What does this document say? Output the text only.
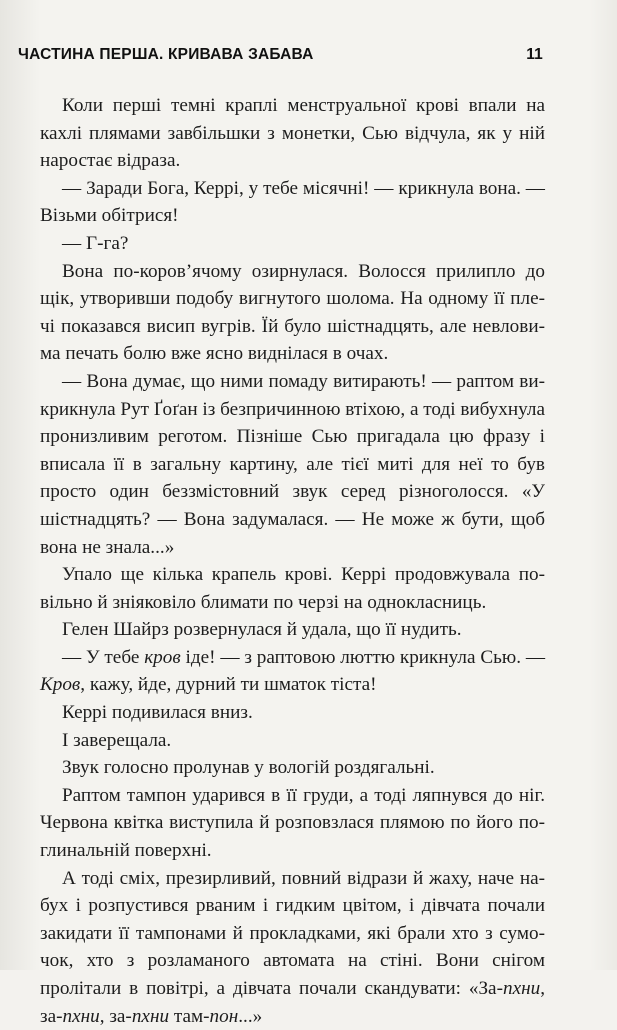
ЧАСТИНА ПЕРША. КРИВАВА ЗАБАВА	11

Коли перші темні краплі менструальної крові впали на кахлі плямами завбільшки з монетки, Сью відчула, як у ній наростає відраза.

— Заради Бога, Керрі, у тебе місячні! — крикнула вона. — Візьми обітрися!

— Г-га?

Вона по-коров’ячому озирнулася. Волосся прилипло до щік, утворивши подобу вигнутого шолома. На одному її плечі показався висип вугрів. Їй було шістнадцять, але невловима печать болю вже ясно виднілася в очах.

— Вона думає, що ними помаду витирають! — раптом викрикнула Рут Ґоґан із безпричинною втіхою, а тоді вибухнула пронизливим реготом. Пізніше Сью пригадала цю фразу і вписала її в загальну картину, але тієї миті для неї то був просто один беззмістовний звук серед різноголосся. «У шістнадцять? — Вона задумалася. — Не може ж бути, щоб вона не знала...»

Упало ще кілька крапель крові. Керрі продовжувала повільно й зніяковіло блимати по черзі на однокласниць.

Гелен Шайрз розвернулася й удала, що її нудить.

— У тебе кров іде! — з раптовою люттю крикнула Сью. — Кров, кажу, йде, дурний ти шматок тіста!

Керрі подивилася вниз.

І заверещала.

Звук голосно пролунав у вологій роздягальні.

Раптом тампон ударився в її груди, а тоді ляпнувся до ніг. Червона квітка виступила й розповзлася плямою по його поглинальній поверхні.

А тоді сміх, презирливий, повний відрази й жаху, наче набух і розпустився рваним і гидким цвітом, і дівчата почали закидати її тампонами й прокладками, які брали хто з сумочок, хто з розламаного автомата на стіні. Вони снігом пролітали в повітрі, а дівчата почали скандувати: «За-пхни, за-пхни, за-пхни там-пон...»
